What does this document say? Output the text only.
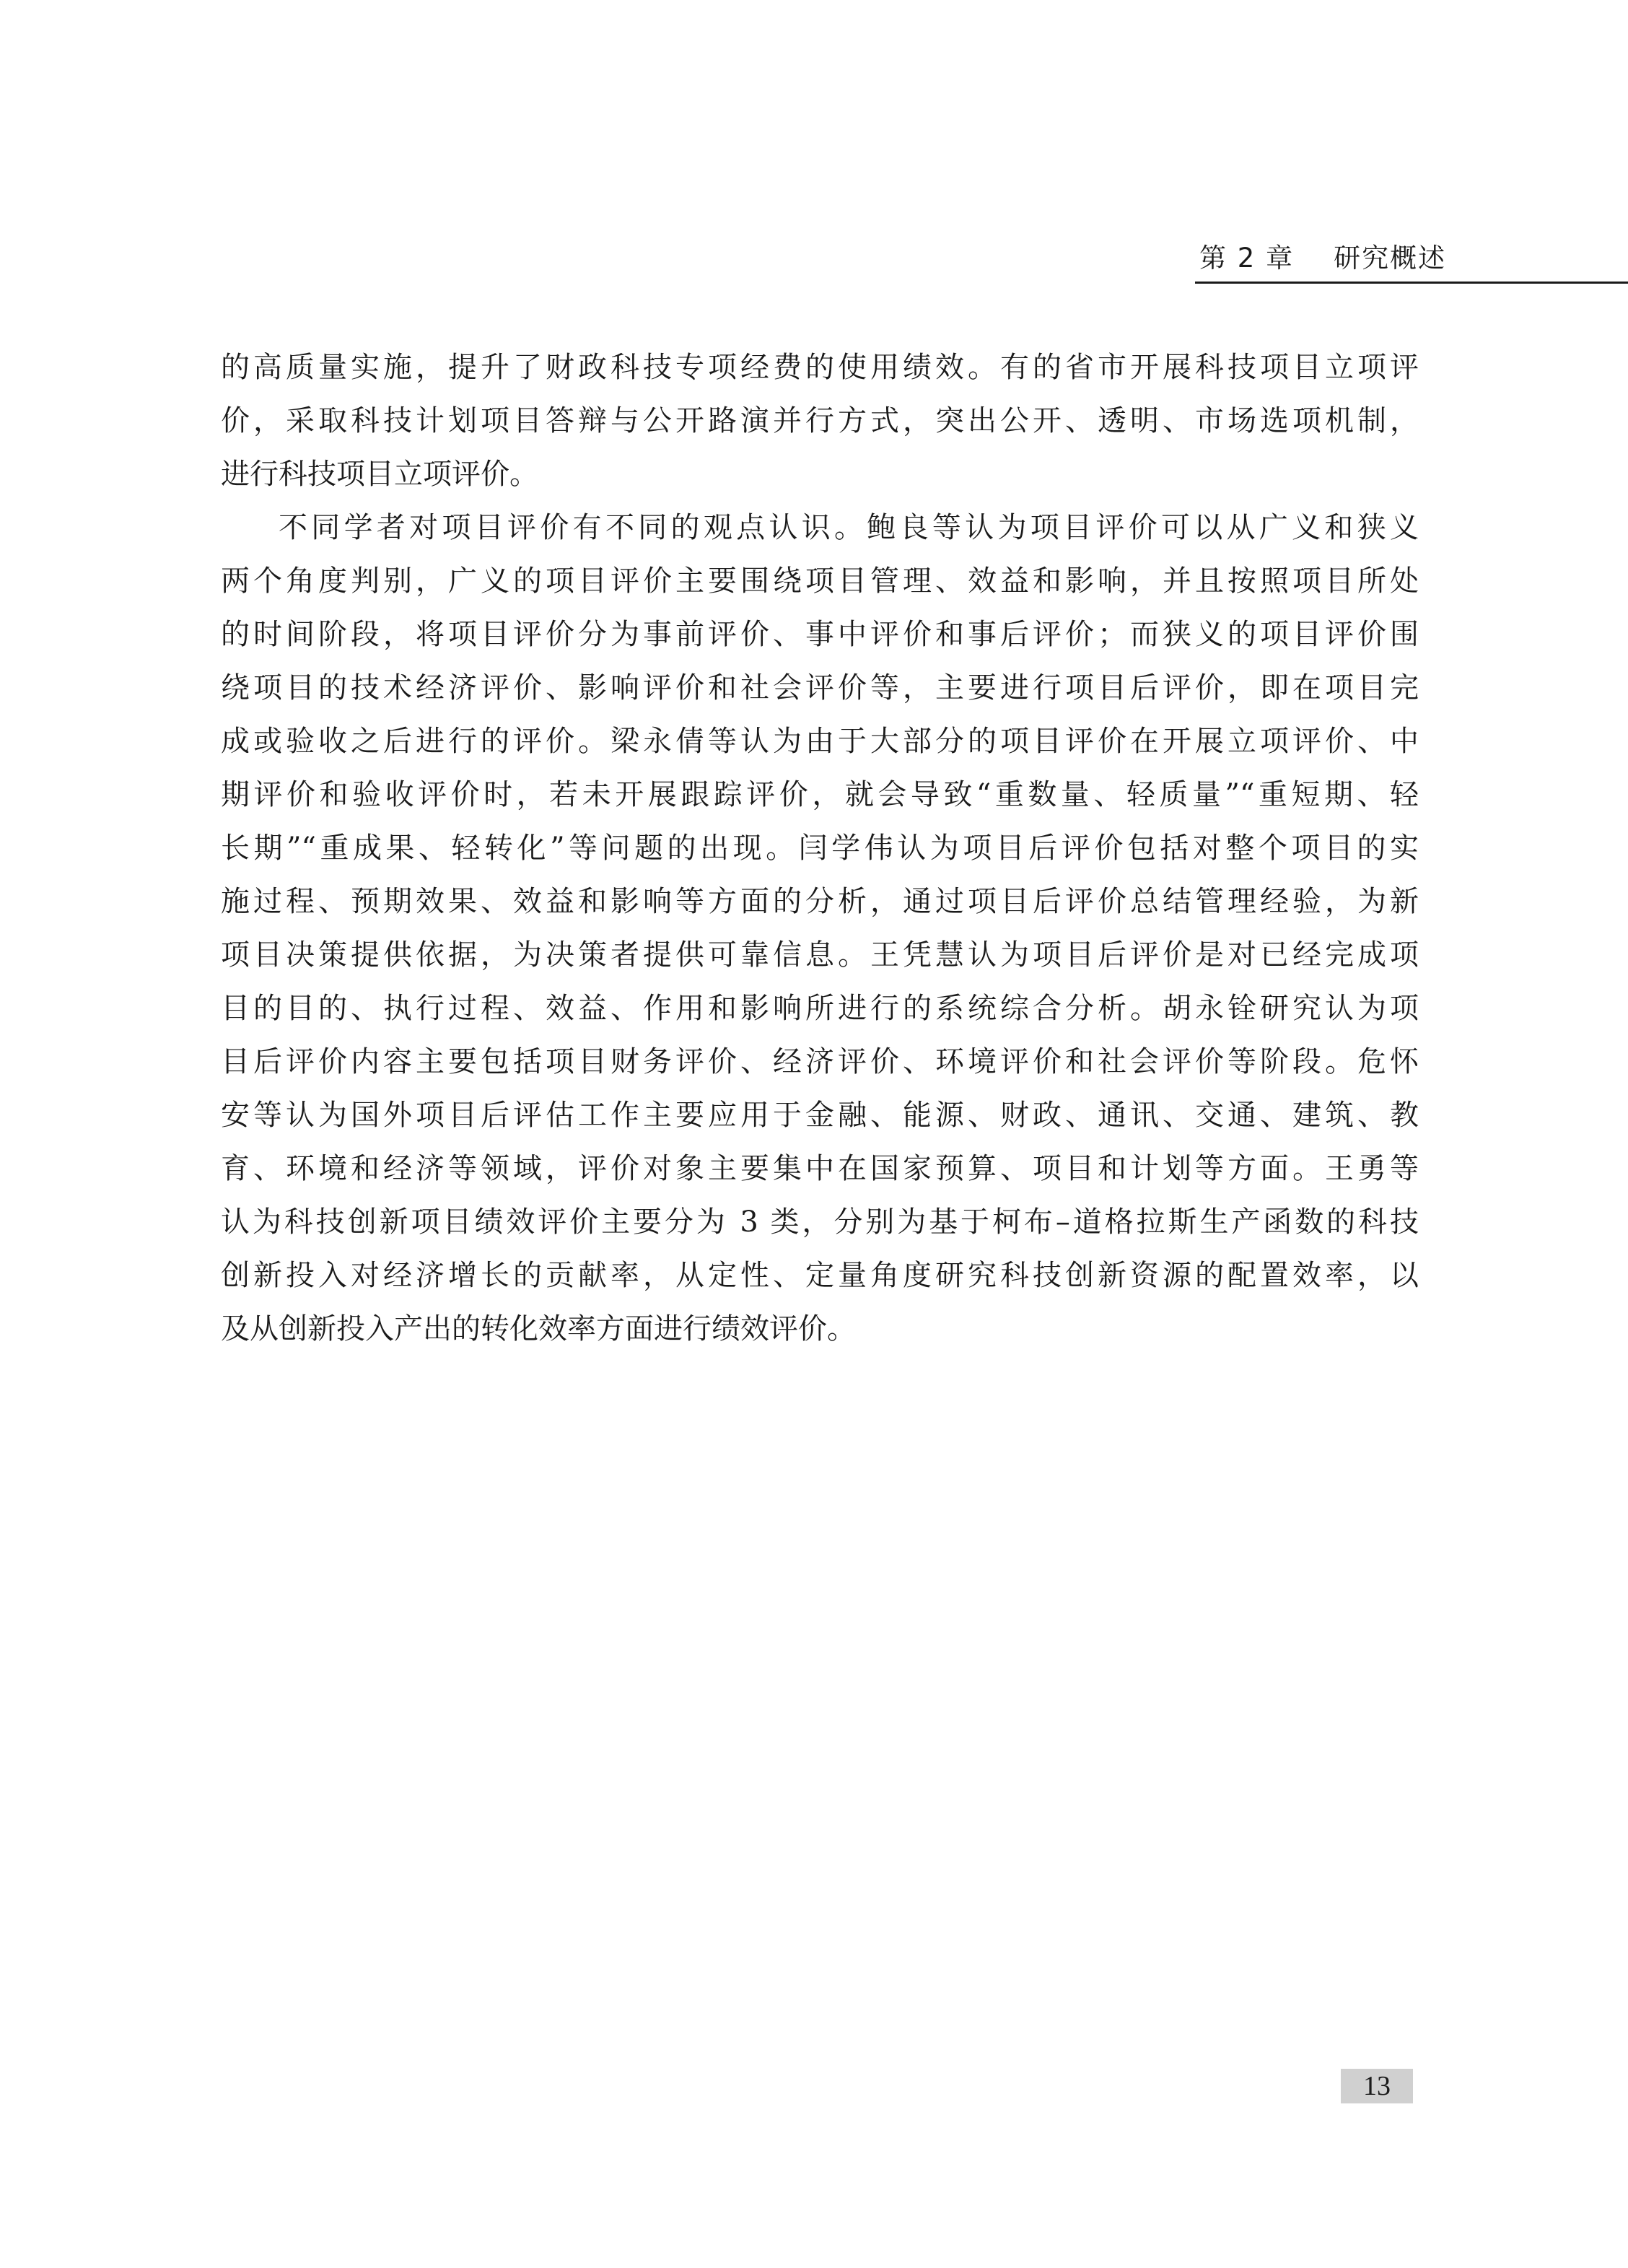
第 2 章    研究概述
的高质量实施，提升了财政科技专项经费的使用绩效。有的省市开展科技项目立项评
价，采取科技计划项目答辩与公开路演并行方式，突出公开、透明、市场选项机制，
进行科技项目立项评价。
不同学者对项目评价有不同的观点认识。鲍良等认为项目评价可以从广义和狭义
两个角度判别，广义的项目评价主要围绕项目管理、效益和影响，并且按照项目所处
的时间阶段，将项目评价分为事前评价、事中评价和事后评价；而狭义的项目评价围
绕项目的技术经济评价、影响评价和社会评价等，主要进行项目后评价，即在项目完
成或验收之后进行的评价。梁永倩等认为由于大部分的项目评价在开展立项评价、中
期评价和验收评价时，若未开展跟踪评价，就会导致“重数量、轻质量”“重短期、轻
长期”“重成果、轻转化”等问题的出现。闫学伟认为项目后评价包括对整个项目的实
施过程、预期效果、效益和影响等方面的分析，通过项目后评价总结管理经验，为新
项目决策提供依据，为决策者提供可靠信息。王凭慧认为项目后评价是对已经完成项
目的目的、执行过程、效益、作用和影响所进行的系统综合分析。胡永铨研究认为项
目后评价内容主要包括项目财务评价、经济评价、环境评价和社会评价等阶段。危怀
安等认为国外项目后评估工作主要应用于金融、能源、财政、通讯、交通、建筑、教
育、环境和经济等领域，评价对象主要集中在国家预算、项目和计划等方面。王勇等
认为科技创新项目绩效评价主要分为 3 类，分别为基于柯布–道格拉斯生产函数的科技
创新投入对经济增长的贡献率，从定性、定量角度研究科技创新资源的配置效率，以
及从创新投入产出的转化效率方面进行绩效评价。
13
